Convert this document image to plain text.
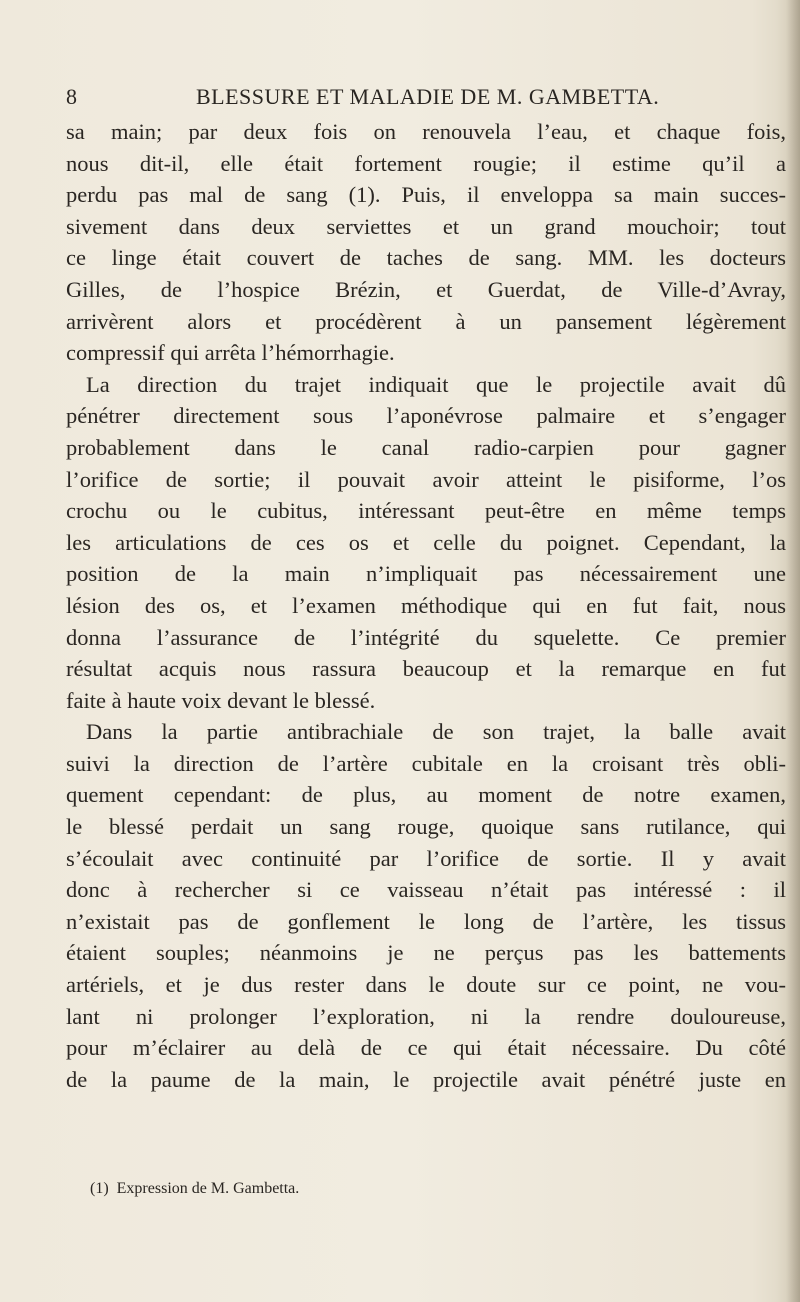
8	BLESSURE ET MALADIE DE M. GAMBETTA.
sa main; par deux fois on renouvela l’eau, et chaque fois,
nous dit-il, elle était fortement rougie; il estime qu’il a
perdu pas mal de sang (1). Puis, il enveloppa sa main succes-
sivement dans deux serviettes et un grand mouchoir; tout
ce linge était couvert de taches de sang. MM. les docteurs
Gilles, de l’hospice Brézin, et Guerdat, de Ville-d’Avray,
arrivèrent alors et procédèrent à un pansement légèrement
compressif qui arrêta l’hémorrhagie.
La direction du trajet indiquait que le projectile avait dû
pénétrer directement sous l’aponévrose palmaire et s’engager
probablement dans le canal radio-carpien pour gagner
l’orifice de sortie; il pouvait avoir atteint le pisiforme, l’os
crochu ou le cubitus, intéressant peut-être en même temps
les articulations de ces os et celle du poignet. Cependant, la
position de la main n’impliquait pas nécessairement une
lésion des os, et l’examen méthodique qui en fut fait, nous
donna l’assurance de l’intégrité du squelette. Ce premier
résultat acquis nous rassura beaucoup et la remarque en fut
faite à haute voix devant le blessé.
Dans la partie antibrachiale de son trajet, la balle avait
suivi la direction de l’artère cubitale en la croisant très obli-
quement cependant: de plus, au moment de notre examen,
le blessé perdait un sang rouge, quoique sans rutilance, qui
s’écoulait avec continuité par l’orifice de sortie. Il y avait
donc à rechercher si ce vaisseau n’était pas intéressé : il
n’existait pas de gonflement le long de l’artère, les tissus
étaient souples; néanmoins je ne perçus pas les battements
artériels, et je dus rester dans le doute sur ce point, ne vou-
lant ni prolonger l’exploration, ni la rendre douloureuse,
pour m’éclairer au delà de ce qui était nécessaire. Du côté
de la paume de la main, le projectile avait pénétré juste en
(1) Expression de M. Gambetta.
